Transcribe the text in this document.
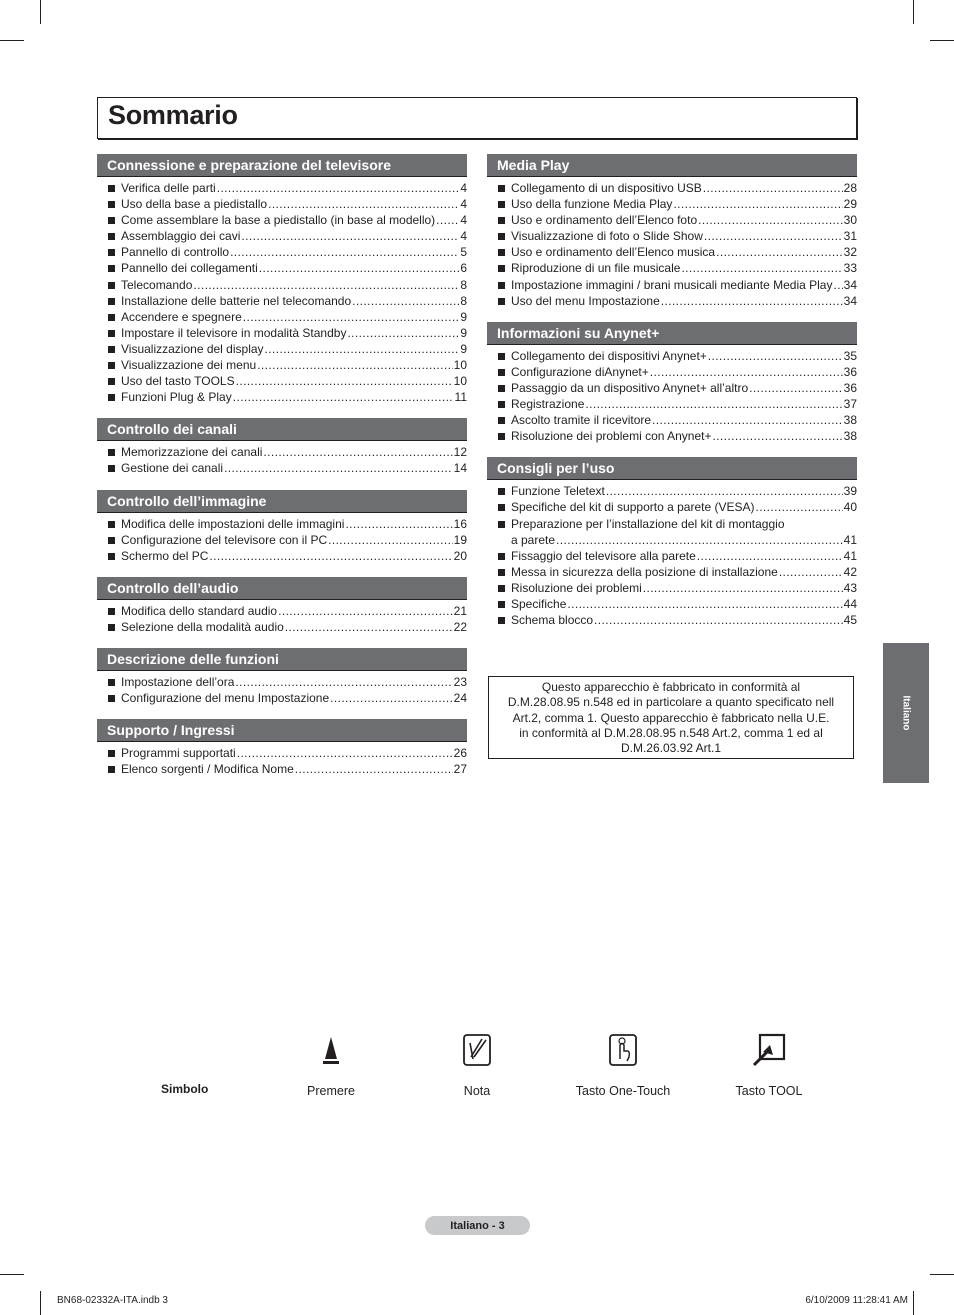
Sommario
Connessione e preparazione del televisore
Verifica delle parti .....	4
Uso della base a piedistallo .....	4
Come assemblare la base a piedistallo (in base al modello) ..... 4
Assemblaggio dei cavi .....	4
Pannello di controllo .....	5
Pannello dei collegamenti .....	6
Telecomando .....	8
Installazione delle batterie nel telecomando .....	8
Accendere e spegnere .....	9
Impostare il televisore in modalità Standby .....	9
Visualizzazione del display .....	9
Visualizzazione dei menu .....	10
Uso del tasto TOOLS .....	10
Funzioni Plug & Play .....	11
Controllo dei canali
Memorizzazione dei canali .....	12
Gestione dei canali .....	14
Controllo dell’immagine
Modifica delle impostazioni delle immagini .....	16
Configurazione del televisore con il PC .....	19
Schermo del PC .....	20
Controllo dell’audio
Modifica dello standard audio .....	21
Selezione della modalità audio .....	22
Descrizione delle funzioni
Impostazione dell’ora .....	23
Configurazione del menu Impostazione .....	24
Supporto / Ingressi
Programmi supportati .....	26
Elenco sorgenti / Modifica Nome .....	27
Media Play
Collegamento di un dispositivo USB .....	28
Uso della funzione Media Play .....	29
Uso e ordinamento dell’Elenco foto .....	30
Visualizzazione di foto o Slide Show .....	31
Uso e ordinamento dell’Elenco musica .....	32
Riproduzione di un file musicale .....	33
Impostazione immagini / brani musicali mediante Media Play ..... 34
Uso del menu Impostazione .....	34
Informazioni su Anynet+
Collegamento dei dispositivi Anynet+ .....	35
Configurazione diAnynet+ .....	36
Passaggio da un dispositivo Anynet+ all’altro .....	36
Registrazione .....	37
Ascolto tramite il ricevitore .....	38
Risoluzione dei problemi con Anynet+ .....	38
Consigli per l’uso
Funzione Teletext .....	39
Specifiche del kit di supporto a parete (VESA) .....	40
Preparazione per l’installazione del kit di montaggio
a parete .....	41
Fissaggio del televisore alla parete .....	41
Messa in sicurezza della posizione di installazione .....	42
Risoluzione dei problemi .....	43
Specifiche .....	44
Schema blocco .....	45
Questo apparecchio è fabbricato in conformità al
D.M.28.08.95 n.548 ed in particolare a quanto specificato nell
Art.2, comma 1. Questo apparecchio è fabbricato nella U.E.
in conformità al D.M.28.08.95 n.548 Art.2, comma 1 ed al
D.M.26.03.92 Art.1
Italiano
Simbolo	Premere	Nota	Tasto One-Touch	Tasto TOOL
Italiano - 3
BN68-02332A-ITA.indb 3	6/10/2009 11:28:41 AM
